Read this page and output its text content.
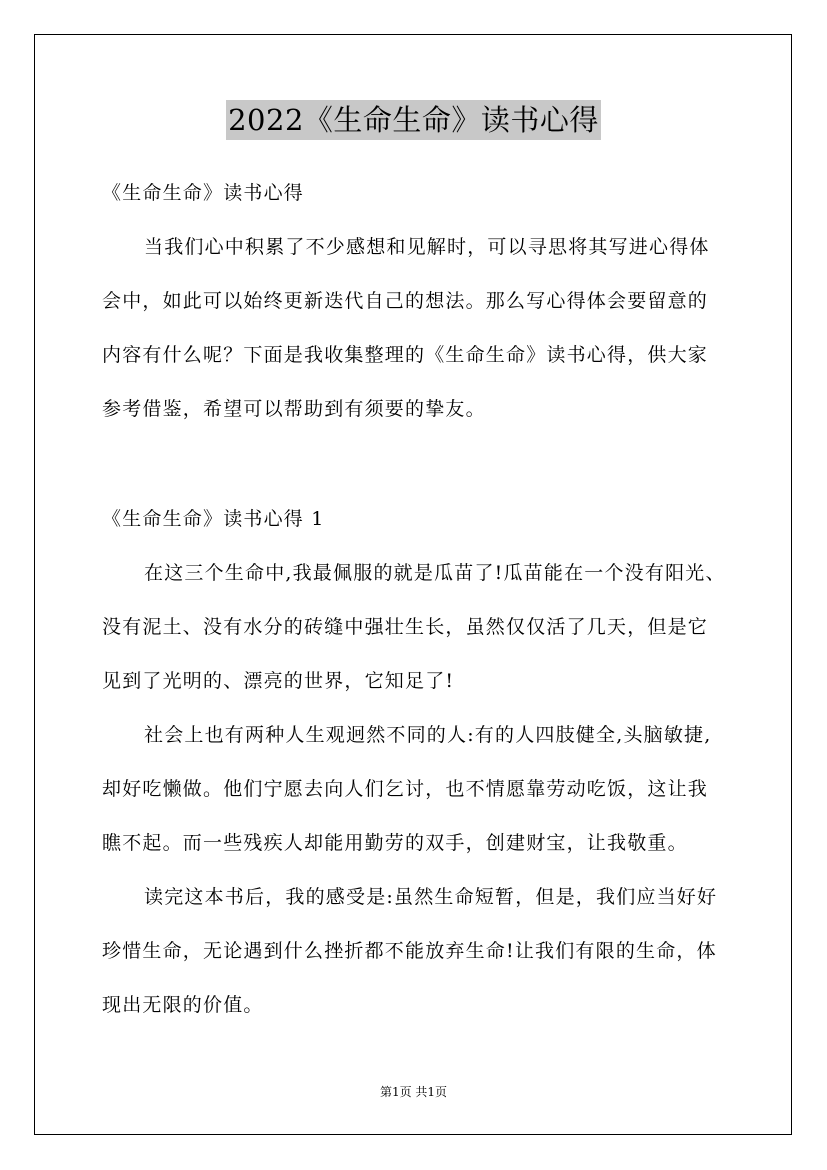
2022《生命生命》读书心得
《生命生命》读书心得
当我们心中积累了不少感想和见解时，可以寻思将其写进心得体
会中，如此可以始终更新迭代自己的想法。那么写心得体会要留意的
内容有什么呢？下面是我收集整理的《生命生命》读书心得，供大家
参考借鉴，希望可以帮助到有须要的挚友。
《生命生命》读书心得 1
在这三个生命中,我最佩服的就是瓜苗了!瓜苗能在一个没有阳光、
没有泥土、没有水分的砖缝中强壮生长，虽然仅仅活了几天，但是它
见到了光明的、漂亮的世界，它知足了!
社会上也有两种人生观迥然不同的人:有的人四肢健全,头脑敏捷,
却好吃懒做。他们宁愿去向人们乞讨，也不情愿靠劳动吃饭，这让我
瞧不起。而一些残疾人却能用勤劳的双手，创建财宝，让我敬重。
读完这本书后，我的感受是:虽然生命短暂，但是，我们应当好好
珍惜生命，无论遇到什么挫折都不能放弃生命!让我们有限的生命，体
现出无限的价值。
第1页 共1页
